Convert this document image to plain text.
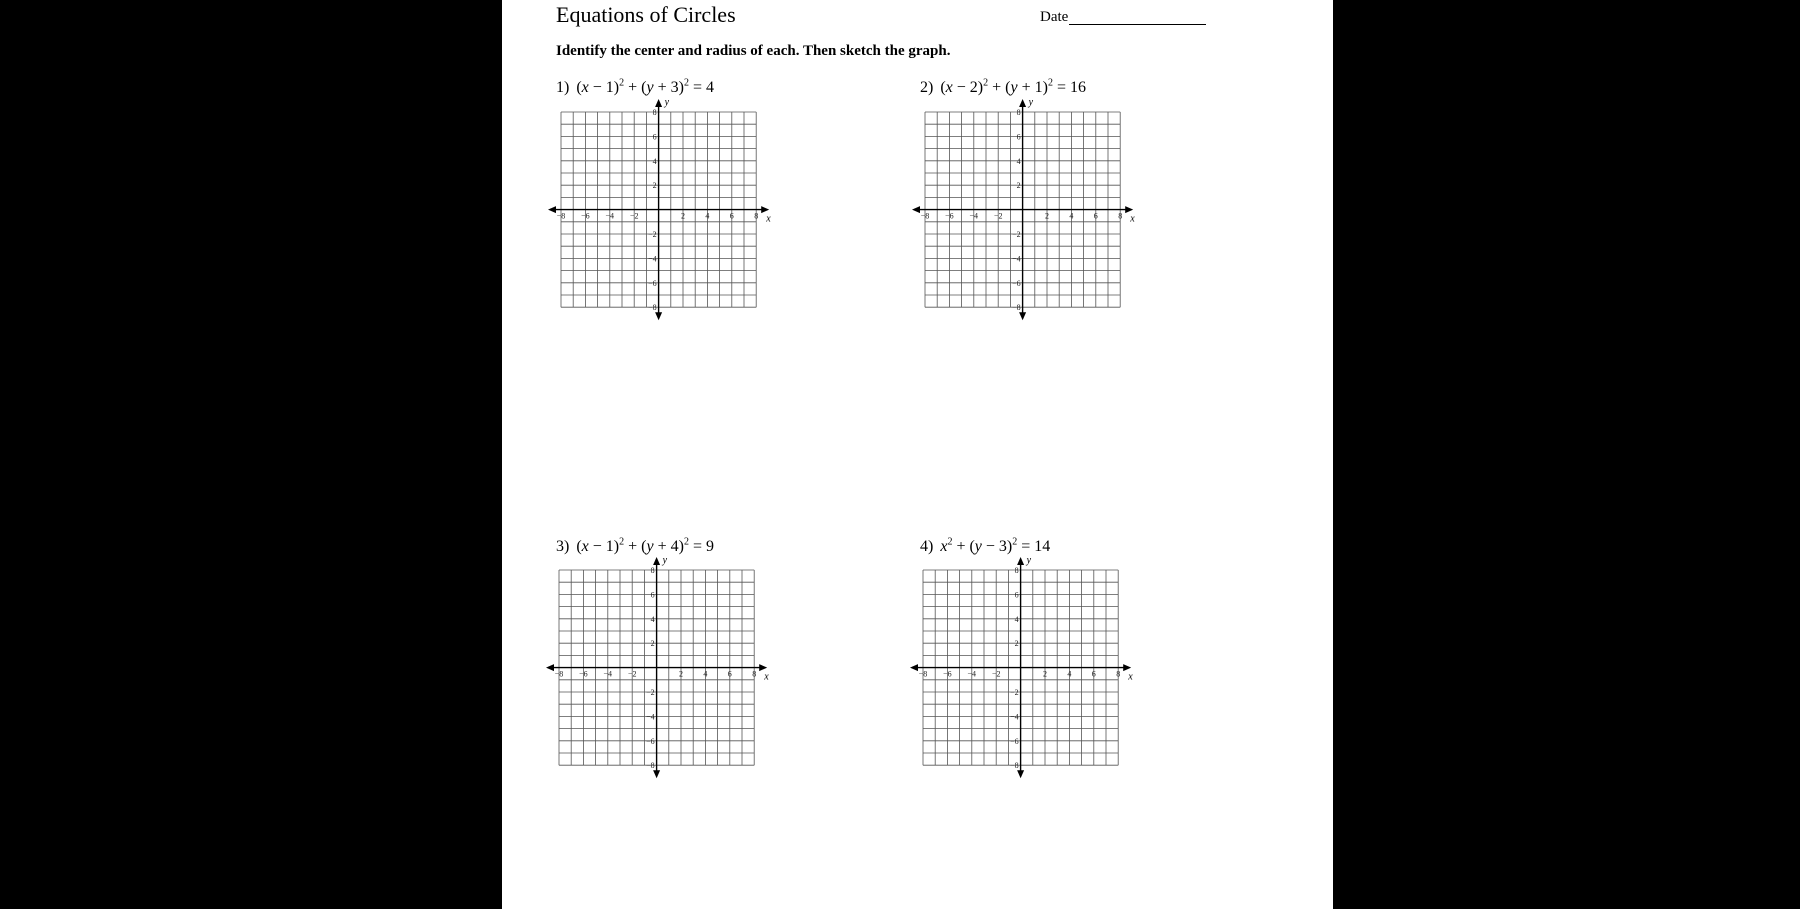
Equations of Circles	Date
Identify the center and radius of each. Then sketch the graph.
1) $(x - 1)^2 + (y + 3)^2 = 4$	2) $(x - 2)^2 + (y + 1)^2 = 16$
3) $(x - 1)^2 + (y + 4)^2 = 9$	4) $x^2 + (y - 3)^2 = 14$
−8
−8
−6
−6
−4
−4
−2
−2
2
2
4
4
6
6
8
8
x
y
−8
−8
−6
−6
−4
−4
−2
−2
2
2
4
4
6
6
8
8
x
y
−8
−8
−6
−6
−4
−4
−2
−2
2
2
4
4
6
6
8
8
x
y
−8
−8
−6
−6
−4
−4
−2
−2
2
2
4
4
6
6
8
8
x
y
